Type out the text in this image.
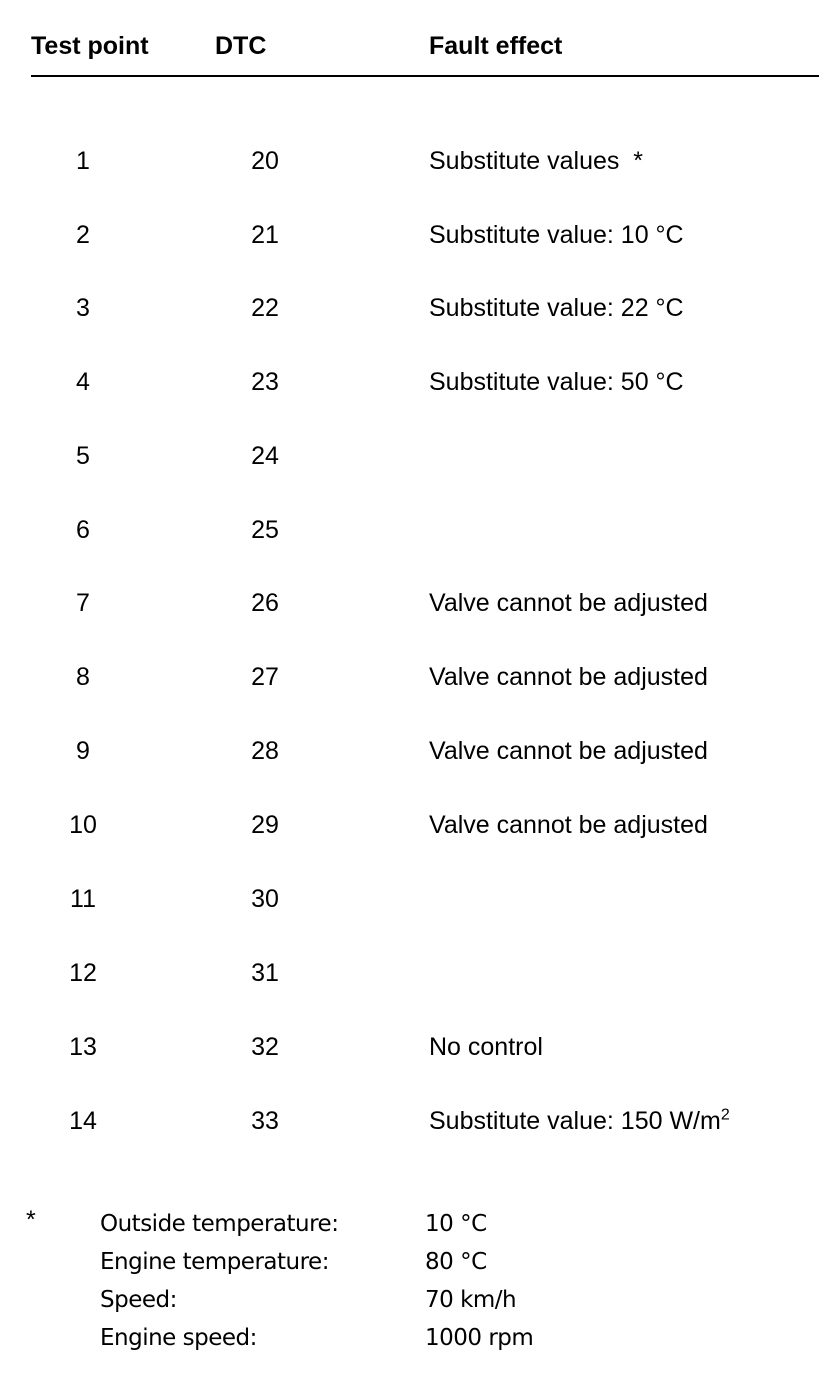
Test point	DTC	Fault effect
1	20	Substitute values  *
2	21	Substitute value: 10 °C
3	22	Substitute value: 22 °C
4	23	Substitute value: 50 °C
5	24
6	25
7	26	Valve cannot be adjusted
8	27	Valve cannot be adjusted
9	28	Valve cannot be adjusted
10	29	Valve cannot be adjusted
11	30
12	31
13	32	No control
14	33	Substitute value: 150 $W/m^2$
*	Outside temperature:	10 °C
Engine temperature:	80 °C
Speed:	70 km/h
Engine speed:	1000 rpm
